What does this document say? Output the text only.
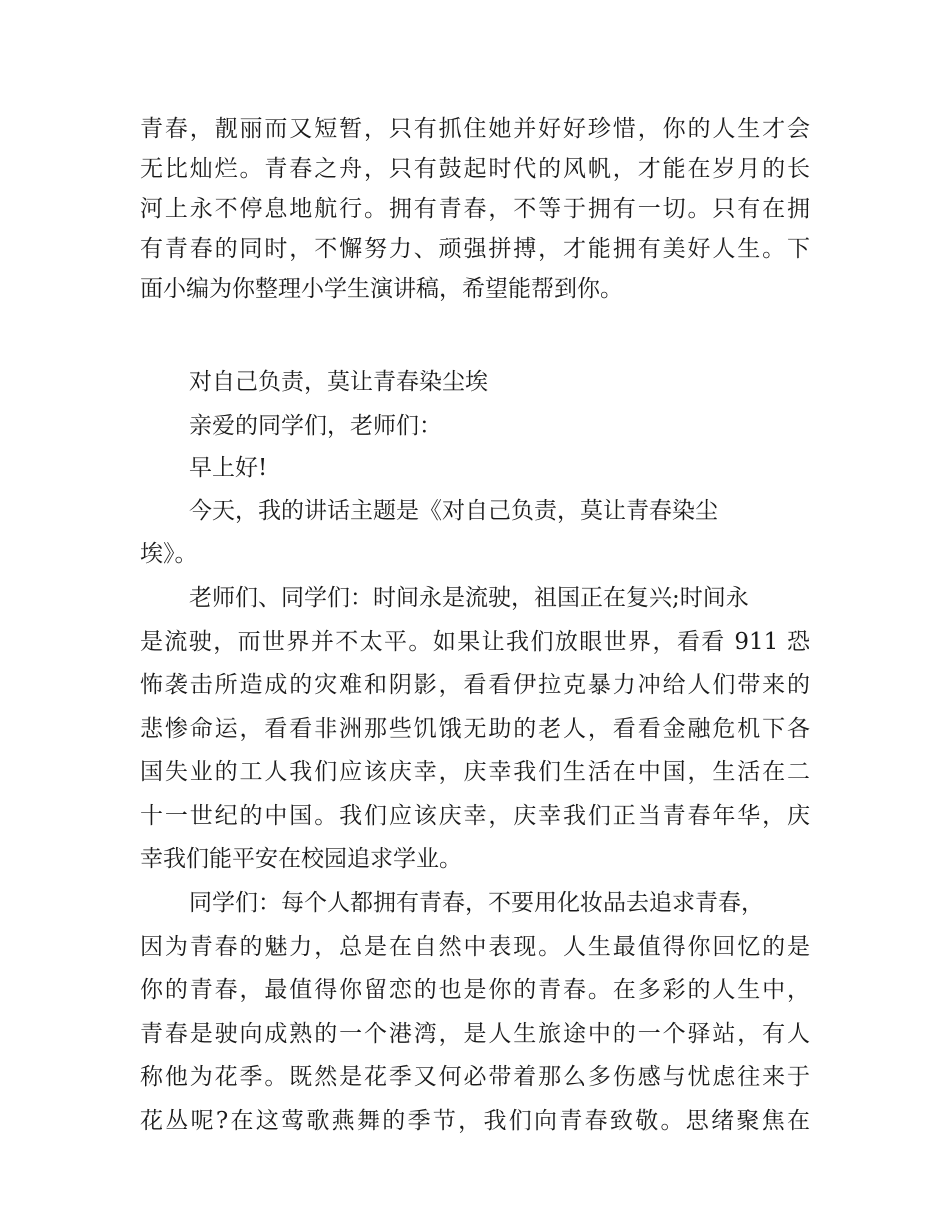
青春，靓丽而又短暂，只有抓住她并好好珍惜，你的人生才会
无比灿烂。青春之舟，只有鼓起时代的风帆，才能在岁月的长
河上永不停息地航行。拥有青春，不等于拥有一切。只有在拥
有青春的同时，不懈努力、顽强拼搏，才能拥有美好人生。下
面小编为你整理小学生演讲稿，希望能帮到你。
对自己负责，莫让青春染尘埃
亲爱的同学们，老师们：
早上好!
今天，我的讲话主题是《对自己负责，莫让青春染尘
埃》。
老师们、同学们：时间永是流驶，祖国正在复兴;时间永
是流驶，而世界并不太平。如果让我们放眼世界，看看 911 恐
怖袭击所造成的灾难和阴影，看看伊拉克暴力冲给人们带来的
悲惨命运，看看非洲那些饥饿无助的老人，看看金融危机下各
国失业的工人我们应该庆幸，庆幸我们生活在中国，生活在二
十一世纪的中国。我们应该庆幸，庆幸我们正当青春年华，庆
幸我们能平安在校园追求学业。
同学们：每个人都拥有青春，不要用化妆品去追求青春，
因为青春的魅力，总是在自然中表现。人生最值得你回忆的是
你的青春，最值得你留恋的也是你的青春。在多彩的人生中，
青春是驶向成熟的一个港湾，是人生旅途中的一个驿站，有人
称他为花季。既然是花季又何必带着那么多伤感与忧虑往来于
花丛呢?在这莺歌燕舞的季节，我们向青春致敬。思绪聚焦在
